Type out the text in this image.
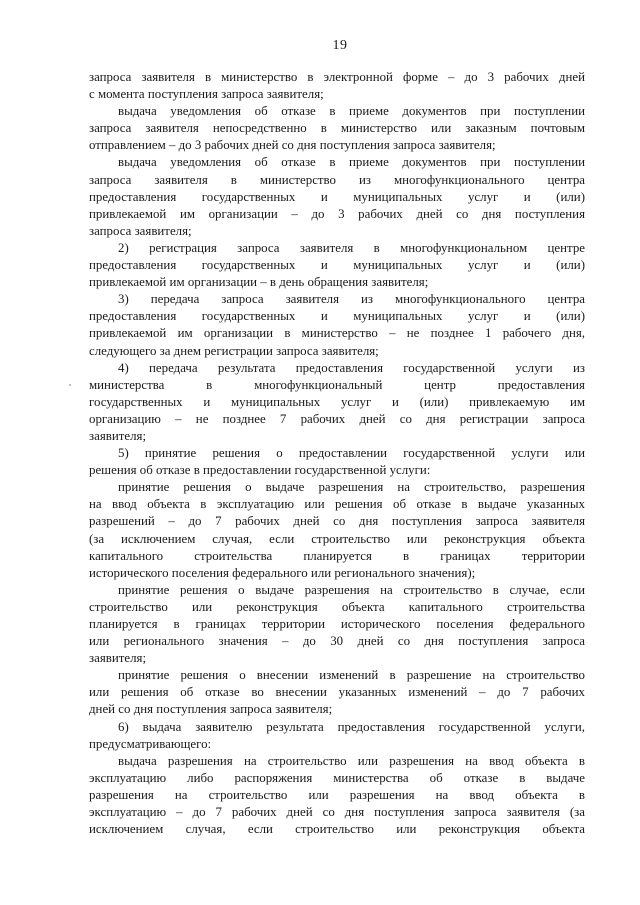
19
запроса заявителя в министерство в электронной форме – до 3 рабочих дней
с момента поступления запроса заявителя;
выдача уведомления об отказе в приеме документов при поступлении
запроса заявителя непосредственно в министерство или заказным почтовым
отправлением – до 3 рабочих дней со дня поступления запроса заявителя;
выдача уведомления об отказе в приеме документов при поступлении
запроса заявителя в министерство из многофункционального центра
предоставления государственных и муниципальных услуг и (или)
привлекаемой им организации – до 3 рабочих дней со дня поступления
запроса заявителя;
2) регистрация запроса заявителя в многофункциональном центре
предоставления государственных и муниципальных услуг и (или)
привлекаемой им организации – в день обращения заявителя;
3) передача запроса заявителя из многофункционального центра
предоставления государственных и муниципальных услуг и (или)
привлекаемой им организации в министерство – не позднее 1 рабочего дня,
следующего за днем регистрации запроса заявителя;
4) передача результата предоставления государственной услуги из
министерства в многофункциональный центр предоставления
государственных и муниципальных услуг и (или) привлекаемую им
организацию – не позднее 7 рабочих дней со дня регистрации запроса
заявителя;
5) принятие решения о предоставлении государственной услуги или
решения об отказе в предоставлении государственной услуги:
принятие решения о выдаче разрешения на строительство, разрешения
на ввод объекта в эксплуатацию или решения об отказе в выдаче указанных
разрешений – до 7 рабочих дней со дня поступления запроса заявителя
(за исключением случая, если строительство или реконструкция объекта
капитального строительства планируется в границах территории
исторического поселения федерального или регионального значения);
принятие решения о выдаче разрешения на строительство в случае, если
строительство или реконструкция объекта капитального строительства
планируется в границах территории исторического поселения федерального
или регионального значения – до 30 дней со дня поступления запроса
заявителя;
принятие решения о внесении изменений в разрешение на строительство
или решения об отказе во внесении указанных изменений – до 7 рабочих
дней со дня поступления запроса заявителя;
6) выдача заявителю результата предоставления государственной услуги,
предусматривающего:
выдача разрешения на строительство или разрешения на ввод объекта в
эксплуатацию либо распоряжения министерства об отказе в выдаче
разрешения на строительство или разрешения на ввод объекта в
эксплуатацию – до 7 рабочих дней со дня поступления запроса заявителя (за
исключением случая, если строительство или реконструкция объекта
